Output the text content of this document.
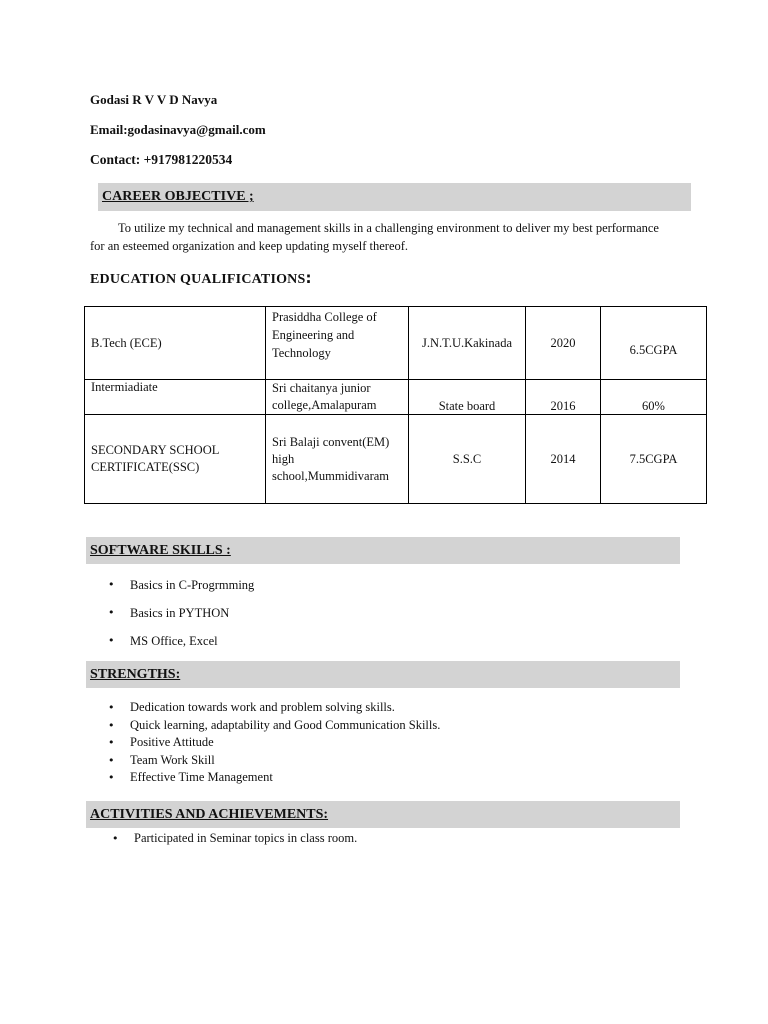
Godasi R V V D Navya
Email:godasinavya@gmail.com
Contact: +917981220534
CAREER OBJECTIVE ;
To utilize my technical and management skills in a challenging environment to deliver my best performance for an esteemed organization and keep updating myself thereof.
EDUCATION QUALIFICATIONS:
B.Tech (ECE)	Prasiddha College of Engineering and Technology	J.N.T.U.Kakinada	2020	6.5CGPA
Intermiadiate	Sri chaitanya junior college,Amalapuram	State board	2016	60%
SECONDARY SCHOOL CERTIFICATE(SSC)	Sri Balaji convent(EM) high school,Mummidivaram	S.S.C	2014	7.5CGPA
SOFTWARE SKILLS :
• Basics in C-Progrmming
• Basics in PYTHON
• MS Office, Excel
STRENGTHS:
• Dedication towards work and problem solving skills.
• Quick learning, adaptability and Good Communication Skills.
• Positive Attitude
• Team Work Skill
• Effective Time Management
ACTIVITIES AND ACHIEVEMENTS:
• Participated in Seminar topics in class room.
